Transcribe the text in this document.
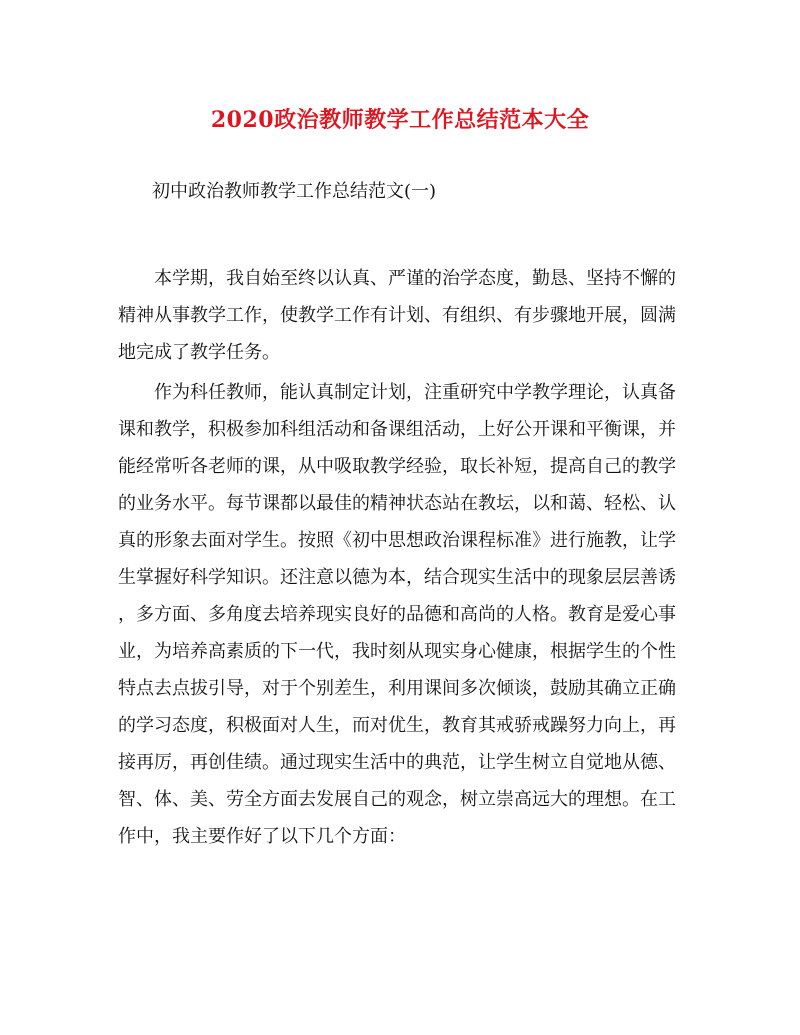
2020政治教师教学工作总结范本大全
初中政治教师教学工作总结范文(一)
本学期，我自始至终以认真、严谨的治学态度，勤恳、坚持不懈的
精神从事教学工作，使教学工作有计划、有组织、有步骤地开展，圆满
地完成了教学任务。
作为科任教师，能认真制定计划，注重研究中学教学理论，认真备
课和教学，积极参加科组活动和备课组活动，上好公开课和平衡课，并
能经常听各老师的课，从中吸取教学经验，取长补短，提高自己的教学
的业务水平。每节课都以最佳的精神状态站在教坛，以和蔼、轻松、认
真的形象去面对学生。按照《初中思想政治课程标准》进行施教，让学
生掌握好科学知识。还注意以德为本，结合现实生活中的现象层层善诱
，多方面、多角度去培养现实良好的品德和高尚的人格。教育是爱心事
业，为培养高素质的下一代，我时刻从现实身心健康，根据学生的个性
特点去点拔引导，对于个别差生，利用课间多次倾谈，鼓励其确立正确
的学习态度，积极面对人生，而对优生，教育其戒骄戒躁努力向上，再
接再厉，再创佳绩。通过现实生活中的典范，让学生树立自觉地从德、
智、体、美、劳全方面去发展自己的观念，树立崇高远大的理想。在工
作中，我主要作好了以下几个方面：
